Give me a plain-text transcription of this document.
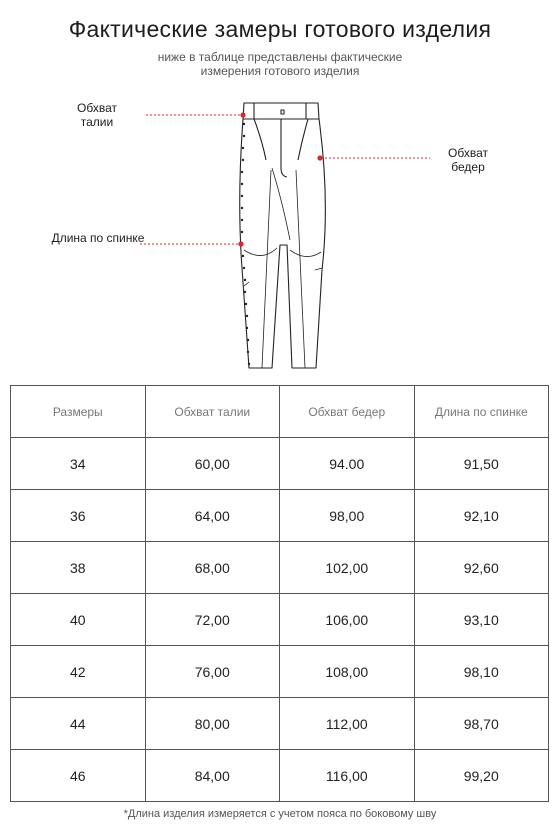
Фактические замеры готового изделия
ниже в таблице представлены фактические измерения готового изделия
Обхват талии
Обхват бедер
Длина по спинке
Размеры	Обхват талии	Обхват бедер	Длина по спинке
34	60,00	94.00	91,50
36	64,00	98,00	92,10
38	68,00	102,00	92,60
40	72,00	106,00	93,10
42	76,00	108,00	98,10
44	80,00	112,00	98,70
46	84,00	116,00	99,20
*Длина изделия измеряется с учетом пояса по боковому шву
